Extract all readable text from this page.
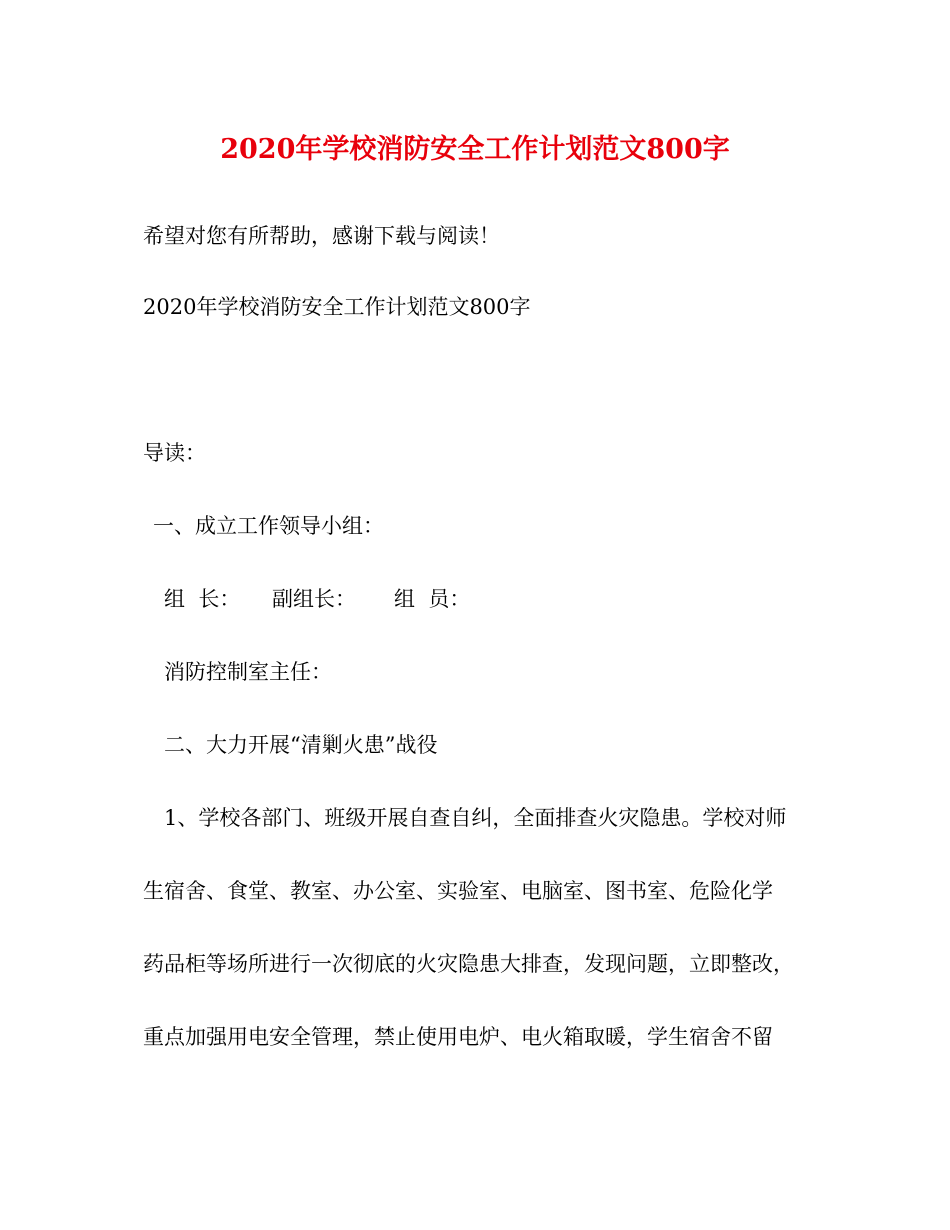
2020年学校消防安全工作计划范文800字
希望对您有所帮助，感谢下载与阅读！
2020年学校消防安全工作计划范文800字
导读：
一、成立工作领导小组：
组  长： 副组长： 组  员：
消防控制室主任：
二、大力开展“清剿火患”战役
1、学校各部门、班级开展自查自纠，全面排查火灾隐患。学校对师
生宿舍、食堂、教室、办公室、实验室、电脑室、图书室、危险化学
药品柜等场所进行一次彻底的火灾隐患大排查，发现问题，立即整改，
重点加强用电安全管理，禁止使用电炉、电火箱取暖，学生宿舍不留
